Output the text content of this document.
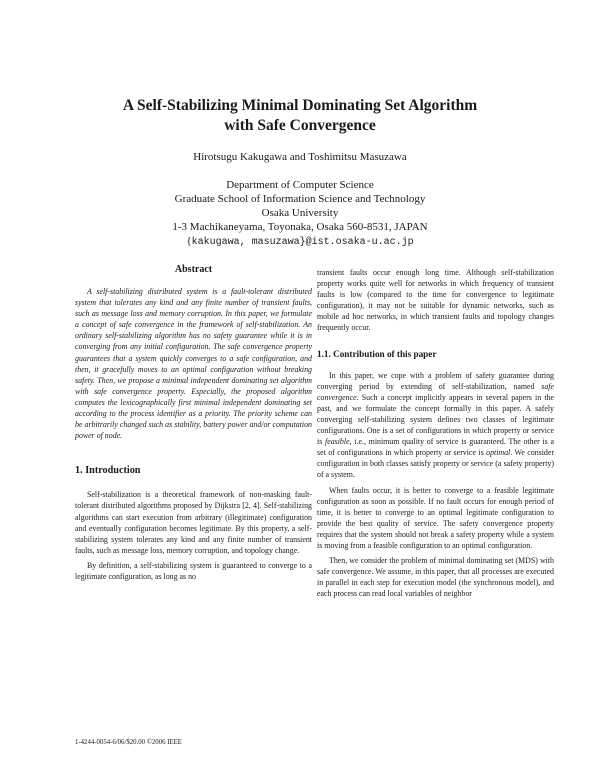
A Self-Stabilizing Minimal Dominating Set Algorithm
with Safe Convergence
Hirotsugu Kakugawa and Toshimitsu Masuzawa
Department of Computer Science
Graduate School of Information Science and Technology
Osaka University
1-3 Machikaneyama, Toyonaka, Osaka 560-8531, JAPAN
{kakugawa, masuzawa}@ist.osaka-u.ac.jp
Abstract

A self-stabilizing distributed system is a fault-tolerant distributed system that tolerates any kind and any finite number of transient faults, such as message loss and memory corruption. In this paper, we formulate a concept of safe convergence in the framework of self-stabilization. An ordinary self-stabilizing algorithm has no safety guarantee while it is in converging from any initial configuration. The safe convergence property guarantees that a system quickly converges to a safe configuration, and then, it gracefully moves to an optimal configuration without breaking safety. Then, we propose a minimal independent dominating set algorithm with safe convergence property. Especially, the proposed algorithm computes the lexicographically first minimal independent dominating set according to the process identifier as a priority. The priority scheme can be arbitrarily changed such as stability, battery power and/or computation power of node.

1. Introduction

Self-stabilization is a theoretical framework of non-masking fault-tolerant distributed algorithms proposed by Dijkstra [2, 4]. Self-stabilizing algorithms can start execution from arbitrary (illegitimate) configuration and eventually configuration becomes legitimate. By this property, a self-stabilizing system tolerates any kind and any finite number of transient faults, such as message loss, memory corruption, and topology change.

By definition, a self-stabilizing system is guaranteed to converge to a legitimate configuration, as long as no

transient faults occur enough long time. Although self-stabilization property works quite well for networks in which frequency of transient faults is low (compared to the time for convergence to legitimate configuration), it may not be suitable for dynamic networks, such as mobile ad hoc networks, in which transient faults and topology changes frequently occur.

1.1. Contribution of this paper

In this paper, we cope with a problem of safety guarantee during converging period by extending of self-stabilization, named safe convergence. Such a concept implicitly appears in several papers in the past, and we formulate the concept formally in this paper. A safely converging self-stabilizing system defines two classes of legitimate configurations. One is a set of configurations in which property or service is feasible, i.e., minimum quality of service is guaranteed. The other is a set of configurations in which property or service is optimal. We consider configuration in both classes satisfy property or service (a safety property) of a system.

When faults occur, it is better to converge to a feasible legitimate configuration as soon as possible. If no fault occurs for enough period of time, it is better to converge to an optimal legitimate configuration to provide the best quality of service. The safety convergence property requires that the system should not break a safety property while a system is moving from a feasible configuration to an optimal configuration.

Then, we consider the problem of minimal dominating set (MDS) with safe convergence. We assume, in this paper, that all processes are executed in parallel in each step for execution model (the synchronous model), and each process can read local variables of neighbor

1-4244-0054-6/06/$20.00 ©2006 IEEE
